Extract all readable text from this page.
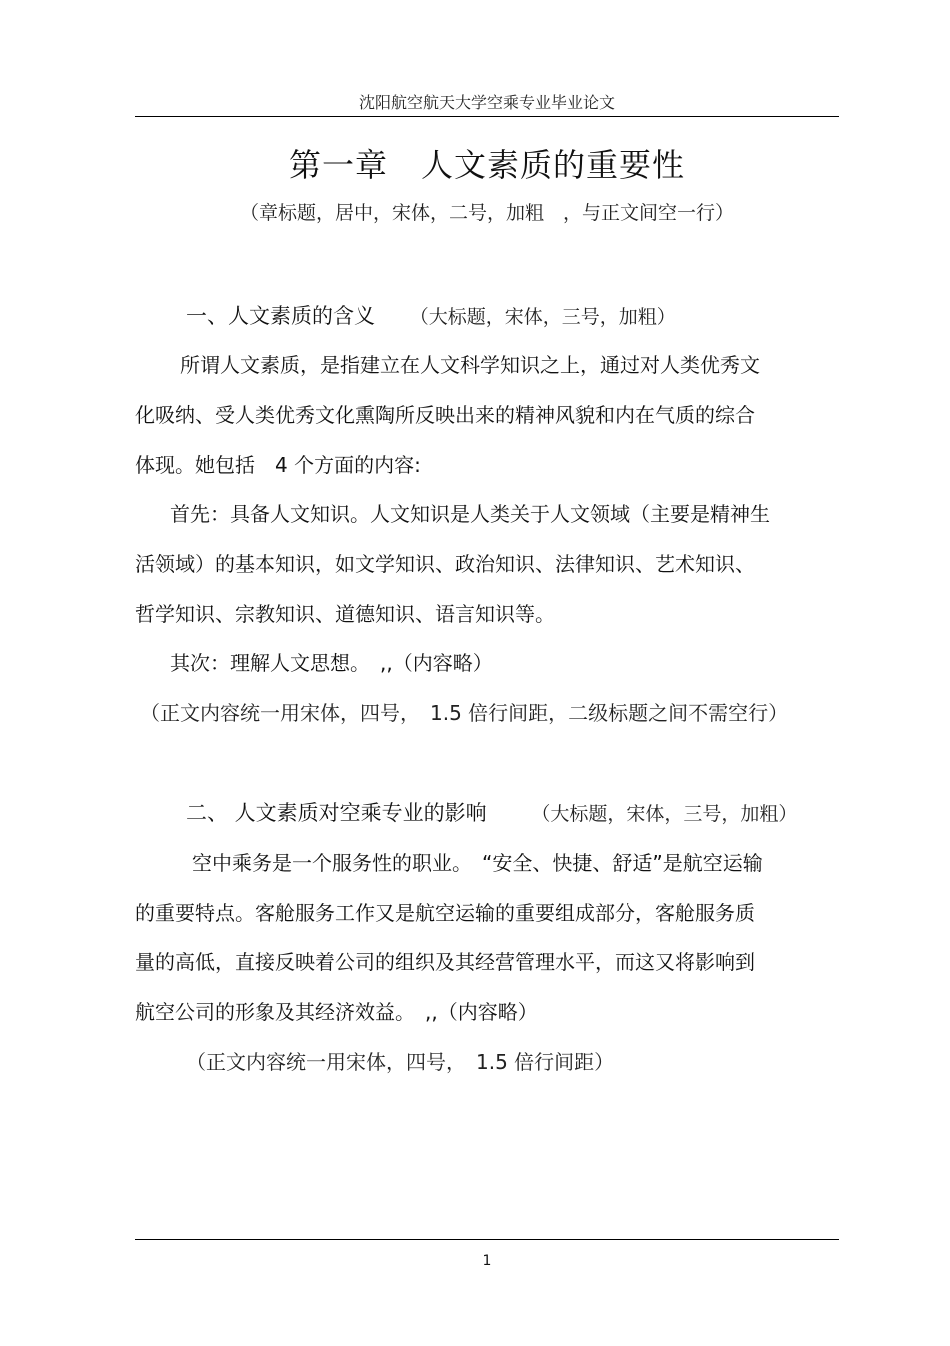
沈阳航空航天大学空乘专业毕业论文
第一章　人文素质的重要性
（章标题，居中，宋体，二号，加粗　，与正文间空一行）
一、人文素质的含义 （大标题，宋体，三号，加粗）
所谓人文素质，是指建立在人文科学知识之上，通过对人类优秀文
化吸纳、受人类优秀文化熏陶所反映出来的精神风貌和内在气质的综合
体现。她包括　4 个方面的内容:
首先：具备人文知识。人文知识是人类关于人文领域（主要是精神生
活领域）的基本知识，如文学知识、政治知识、法律知识、艺术知识、
哲学知识、宗教知识、道德知识、语言知识等。
其次：理解人文思想。　,,（内容略）
（正文内容统一用宋体，四号，　1.5 倍行间距，二级标题之间不需空行）
二、 人文素质对空乘专业的影响 （大标题，宋体，三号，加粗）
空中乘务是一个服务性的职业。　“安全、快捷、舒适”是航空运输
的重要特点。客舱服务工作又是航空运输的重要组成部分，客舱服务质
量的高低，直接反映着公司的组织及其经营管理水平，而这又将影响到
航空公司的形象及其经济效益。　,,（内容略）
（正文内容统一用宋体，四号，　1.5 倍行间距）
1
